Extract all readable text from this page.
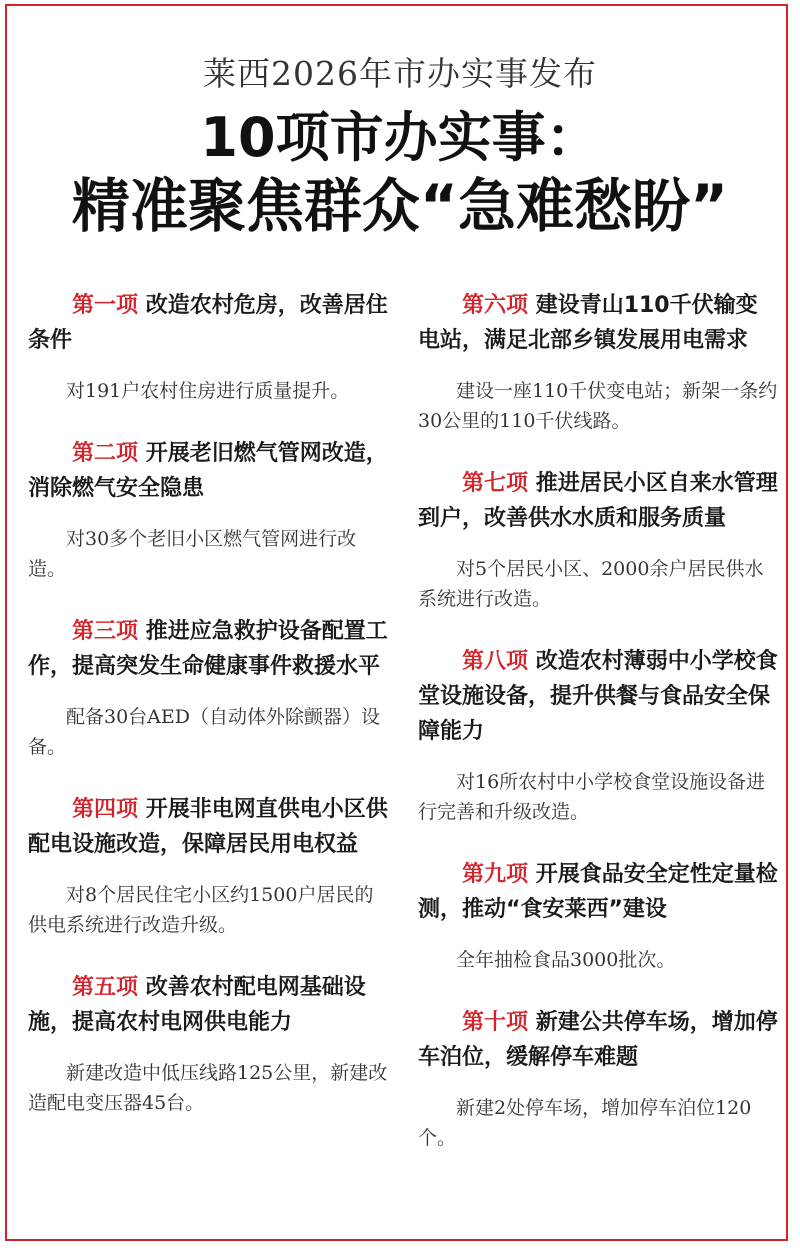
莱西2026年市办实事发布
10项市办实事：
精准聚焦群众“急难愁盼”

第一项 改造农村危房，改善居住条件

对191户农村住房进行质量提升。

第二项 开展老旧燃气管网改造，消除燃气安全隐患

对30多个老旧小区燃气管网进行改造。

第三项 推进应急救护设备配置工作，提高突发生命健康事件救援水平

配备30台AED（自动体外除颤器）设备。

第四项 开展非电网直供电小区供配电设施改造，保障居民用电权益

对8个居民住宅小区约1500户居民的供电系统进行改造升级。

第五项 改善农村配电网基础设施，提高农村电网供电能力

新建改造中低压线路125公里，新建改造配电变压器45台。

第六项 建设青山110千伏输变电站，满足北部乡镇发展用电需求

建设一座110千伏变电站；新架一条约30公里的110千伏线路。

第七项 推进居民小区自来水管理到户，改善供水水质和服务质量

对5个居民小区、2000余户居民供水系统进行改造。

第八项 改造农村薄弱中小学校食堂设施设备，提升供餐与食品安全保障能力

对16所农村中小学校食堂设施设备进行完善和升级改造。

第九项 开展食品安全定性定量检测，推动“食安莱西”建设

全年抽检食品3000批次。

第十项 新建公共停车场，增加停车泊位，缓解停车难题

新建2处停车场，增加停车泊位120个。
